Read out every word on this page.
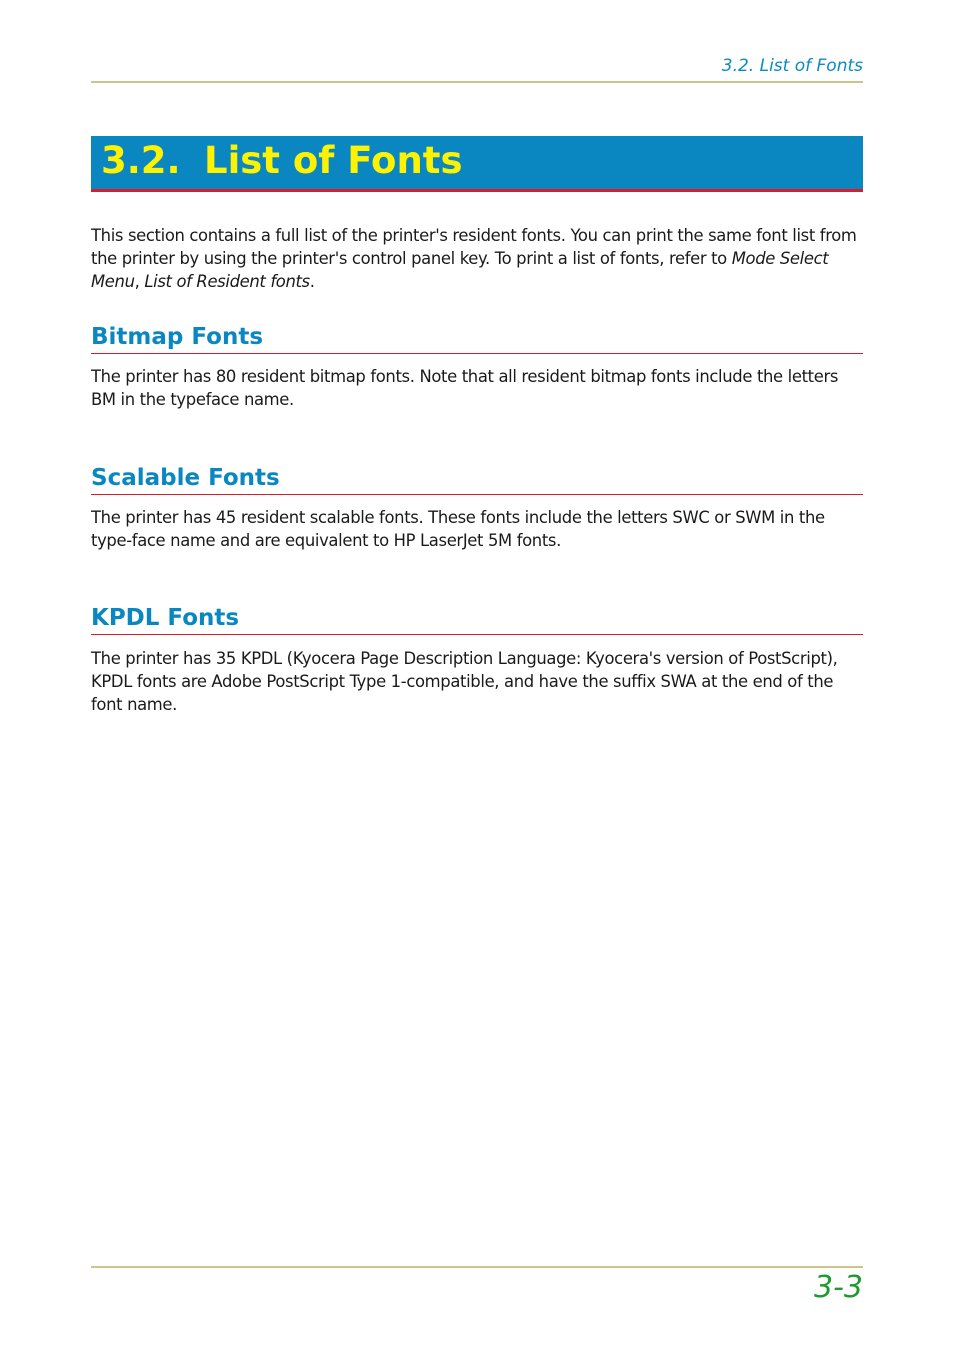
3.2. List of Fonts
3.2. List of Fonts
This section contains a full list of the printer's resident fonts. You can print the same font list from the printer by using the printer's control panel key. To print a list of fonts, refer to Mode Select Menu, List of Resident fonts.
Bitmap Fonts
The printer has 80 resident bitmap fonts. Note that all resident bitmap fonts include the letters BM in the typeface name.
Scalable Fonts
The printer has 45 resident scalable fonts. These fonts include the letters SWC or SWM in the type-face name and are equivalent to HP LaserJet 5M fonts.
KPDL Fonts
The printer has 35 KPDL (Kyocera Page Description Language: Kyocera's version of PostScript), KPDL fonts are Adobe PostScript Type 1-compatible, and have the suffix SWA at the end of the font name.
3-3
